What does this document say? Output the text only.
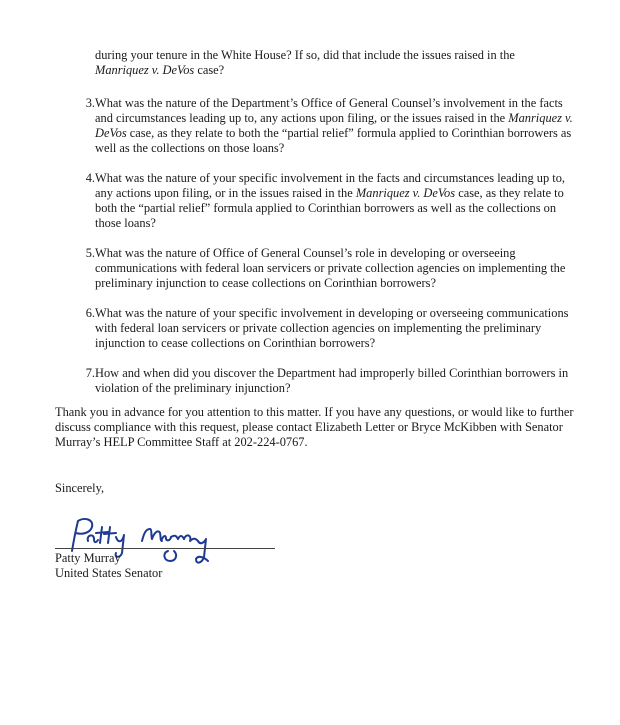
during your tenure in the White House? If so, did that include the issues raised in the
Manriquez v. DeVos case?

3. What was the nature of the Department’s Office of General Counsel’s involvement in the facts and circumstances leading up to, any actions upon filing, or the issues raised in the Manriquez v. DeVos case, as they relate to both the “partial relief” formula applied to Corinthian borrowers as well as the collections on those loans?
4. What was the nature of your specific involvement in the facts and circumstances leading up to, any actions upon filing, or in the issues raised in the Manriquez v. DeVos case, as they relate to both the “partial relief” formula applied to Corinthian borrowers as well as the collections on those loans?
5. What was the nature of Office of General Counsel’s role in developing or overseeing communications with federal loan servicers or private collection agencies on implementing the preliminary injunction to cease collections on Corinthian borrowers?
6. What was the nature of your specific involvement in developing or overseeing communications with federal loan servicers or private collection agencies on implementing the preliminary injunction to cease collections on Corinthian borrowers?
7. How and when did you discover the Department had improperly billed Corinthian borrowers in violation of the preliminary injunction?

Thank you in advance for you attention to this matter. If you have any questions, or would like to further discuss compliance with this request, please contact Elizabeth Letter or Bryce McKibben with Senator Murray’s HELP Committee Staff at 202-224-0767.

Sincerely,

Patty Murray

United States Senator
